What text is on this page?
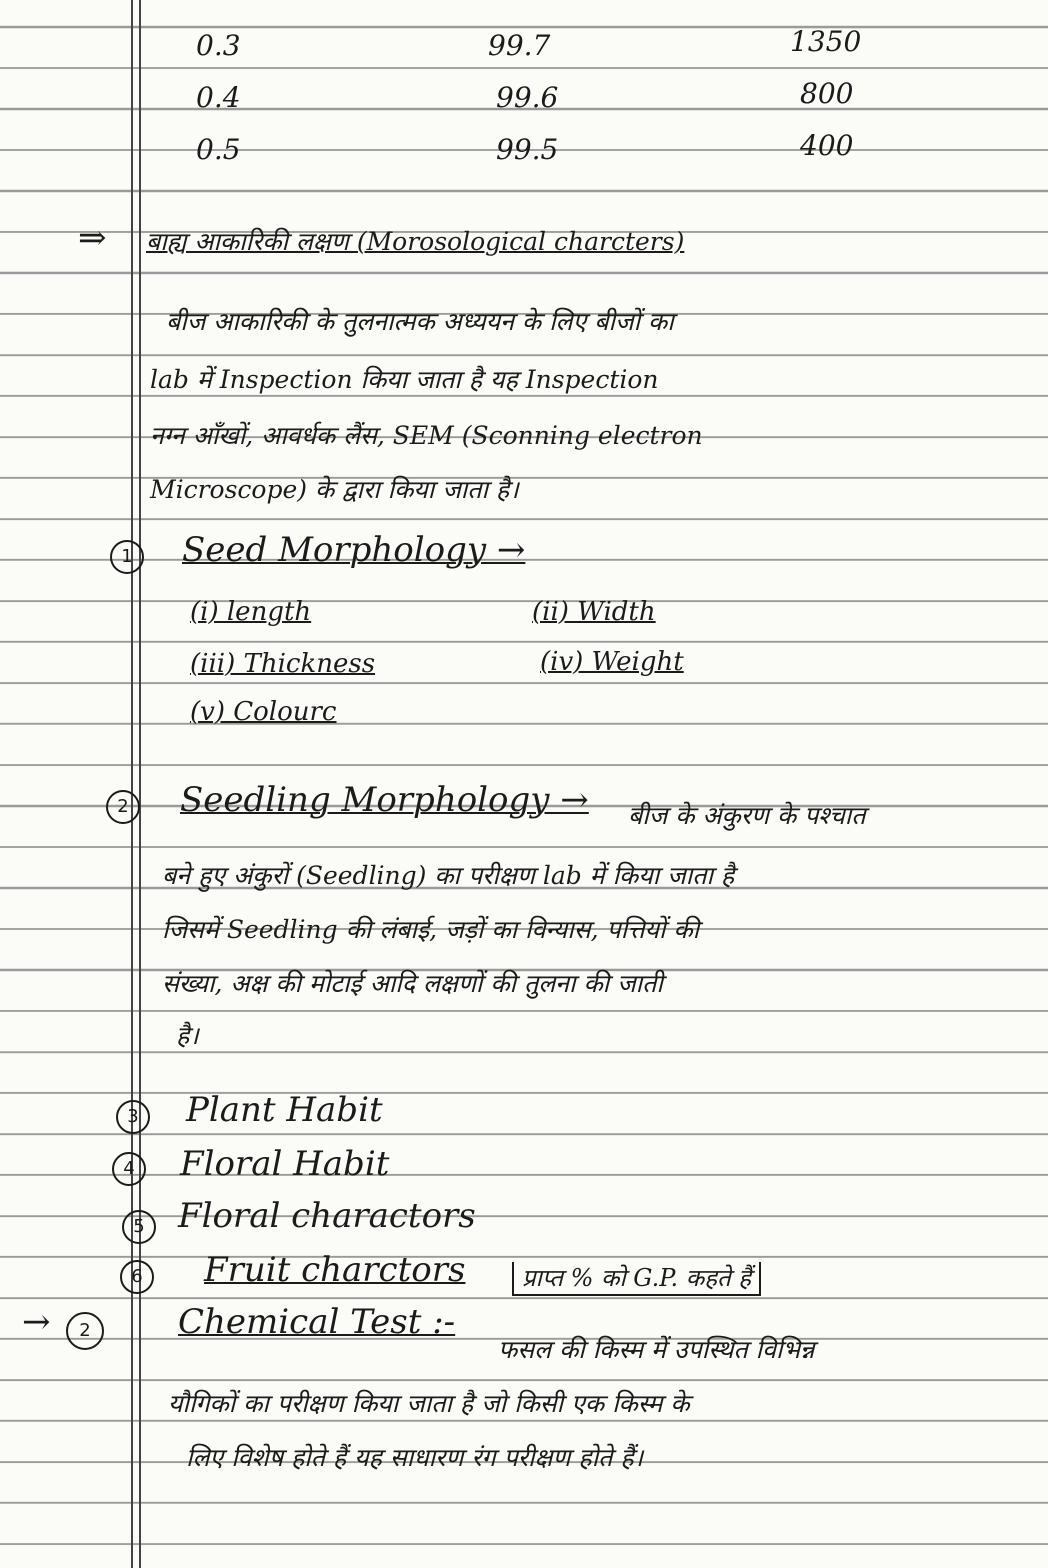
0.3	99.7	1350
0.4	99.6	800
0.5	99.5	400
⇒ बाह्य आकारिकी लक्षण (Morosological charcters)
बीज आकारिकी के तुलनात्मक अध्ययन के लिए बीजों का
lab में Inspection किया जाता है यह Inspection
नग्न आँखों, आवर्धक लैंस, SEM (Sconning electron
Microscope) के द्वारा किया जाता है।
1	Seed Morphology →
(i) length	(ii) Width
(iii) Thickness	(iv) Weight
(v) Colourc
2	Seedling Morphology → बीज के अंकुरण के पश्चात
बने हुए अंकुरों (Seedling) का परीक्षण lab में किया जाता है
जिसमें Seedling की लंबाई, जड़ों का विन्यास, पत्तियों की
संख्या, अक्ष की मोटाई आदि लक्षणों की तुलना की जाती
है।
3	Plant Habit
4	Floral Habit
5 Floral charactors
6	Fruit charctors	प्राप्त % को G.P. कहते हैं
→	2	Chemical Test :-
फसल की किस्म में उपस्थित विभिन्न
यौगिकों का परीक्षण किया जाता है जो किसी एक किस्म के
लिए विशेष होते हैं यह साधारण रंग परीक्षण होते हैं।
